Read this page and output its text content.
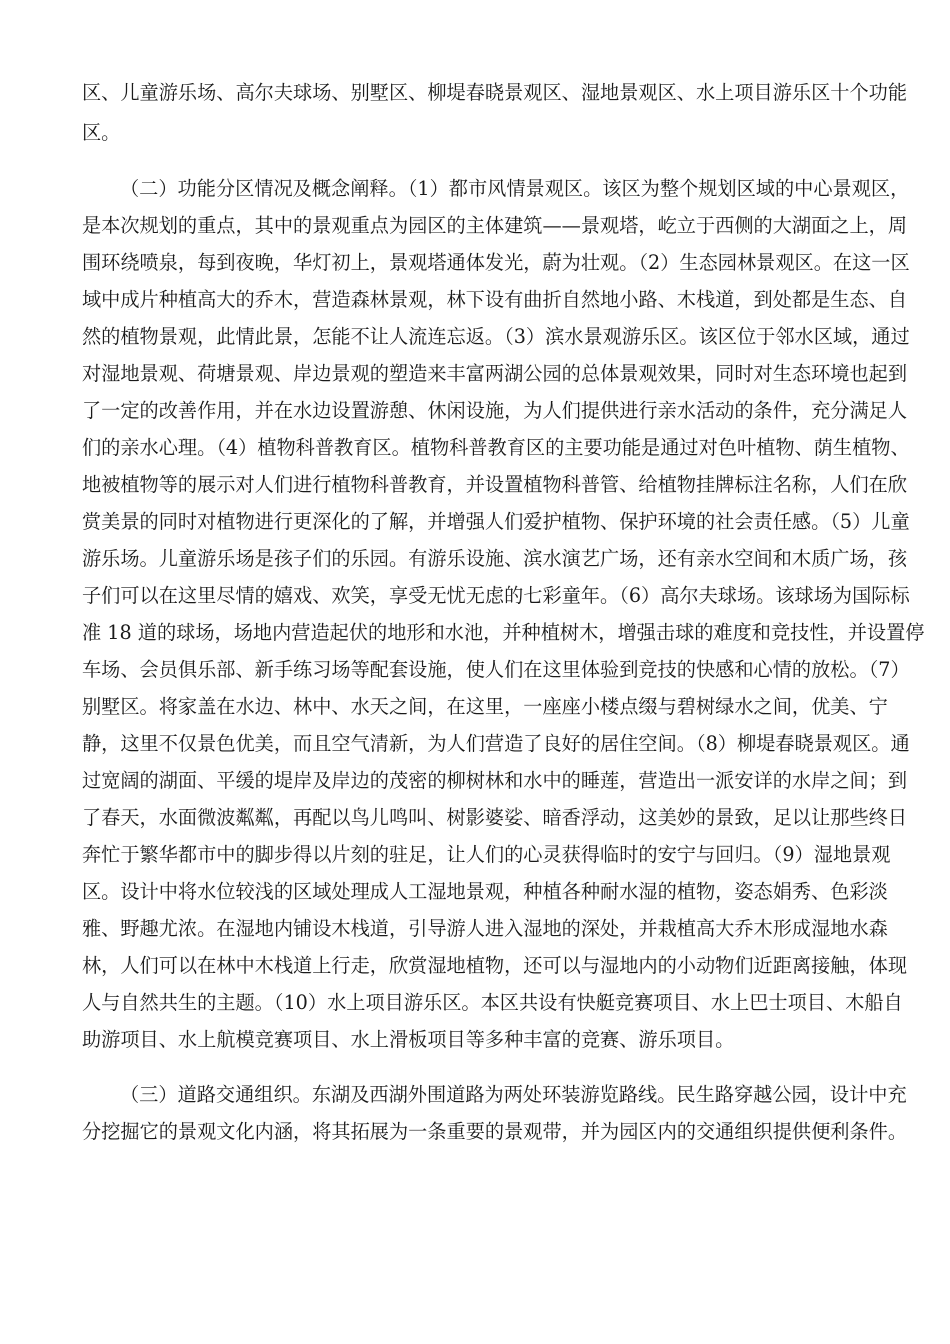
区、儿童游乐场、高尔夫球场、别墅区、柳堤春晓景观区、湿地景观区、水上项目游乐区十个功能
区。
（二）功能分区情况及概念阐释。（1）都市风情景观区。该区为整个规划区域的中心景观区，
是本次规划的重点，其中的景观重点为园区的主体建筑——景观塔，屹立于西侧的大湖面之上，周
围环绕喷泉，每到夜晚，华灯初上，景观塔通体发光，蔚为壮观。（2）生态园林景观区。在这一区
域中成片种植高大的乔木，营造森林景观，林下设有曲折自然地小路、木栈道，到处都是生态、自
然的植物景观，此情此景，怎能不让人流连忘返。（3）滨水景观游乐区。该区位于邻水区域，通过
对湿地景观、荷塘景观、岸边景观的塑造来丰富两湖公园的总体景观效果，同时对生态环境也起到
了一定的改善作用，并在水边设置游憩、休闲设施，为人们提供进行亲水活动的条件，充分满足人
们的亲水心理。（4）植物科普教育区。植物科普教育区的主要功能是通过对色叶植物、荫生植物、
地被植物等的展示对人们进行植物科普教育，并设置植物科普管、给植物挂牌标注名称，人们在欣
赏美景的同时对植物进行更深化的了解，并增强人们爱护植物、保护环境的社会责任感。（5）儿童
游乐场。儿童游乐场是孩子们的乐园。有游乐设施、滨水演艺广场，还有亲水空间和木质广场，孩
子们可以在这里尽情的嬉戏、欢笑，享受无忧无虑的七彩童年。（6）高尔夫球场。该球场为国际标
准 18 道的球场，场地内营造起伏的地形和水池，并种植树木，增强击球的难度和竞技性，并设置停
车场、会员俱乐部、新手练习场等配套设施，使人们在这里体验到竞技的快感和心情的放松。（7）
别墅区。将家盖在水边、林中、水天之间，在这里，一座座小楼点缀与碧树绿水之间，优美、宁
静，这里不仅景色优美，而且空气清新，为人们营造了良好的居住空间。（8）柳堤春晓景观区。通
过宽阔的湖面、平缓的堤岸及岸边的茂密的柳树林和水中的睡莲，营造出一派安详的水岸之间；到
了春天，水面微波粼粼，再配以鸟儿鸣叫、树影婆娑、暗香浮动，这美妙的景致，足以让那些终日
奔忙于繁华都市中的脚步得以片刻的驻足，让人们的心灵获得临时的安宁与回归。（9）湿地景观
区。设计中将水位较浅的区域处理成人工湿地景观，种植各种耐水湿的植物，姿态娟秀、色彩淡
雅、野趣尤浓。在湿地内铺设木栈道，引导游人进入湿地的深处，并栽植高大乔木形成湿地水森
林，人们可以在林中木栈道上行走，欣赏湿地植物，还可以与湿地内的小动物们近距离接触，体现
人与自然共生的主题。（10）水上项目游乐区。本区共设有快艇竞赛项目、水上巴士项目、木船自
助游项目、水上航模竞赛项目、水上滑板项目等多种丰富的竞赛、游乐项目。
（三）道路交通组织。东湖及西湖外围道路为两处环装游览路线。民生路穿越公园，设计中充
分挖掘它的景观文化内涵，将其拓展为一条重要的景观带，并为园区内的交通组织提供便利条件。
